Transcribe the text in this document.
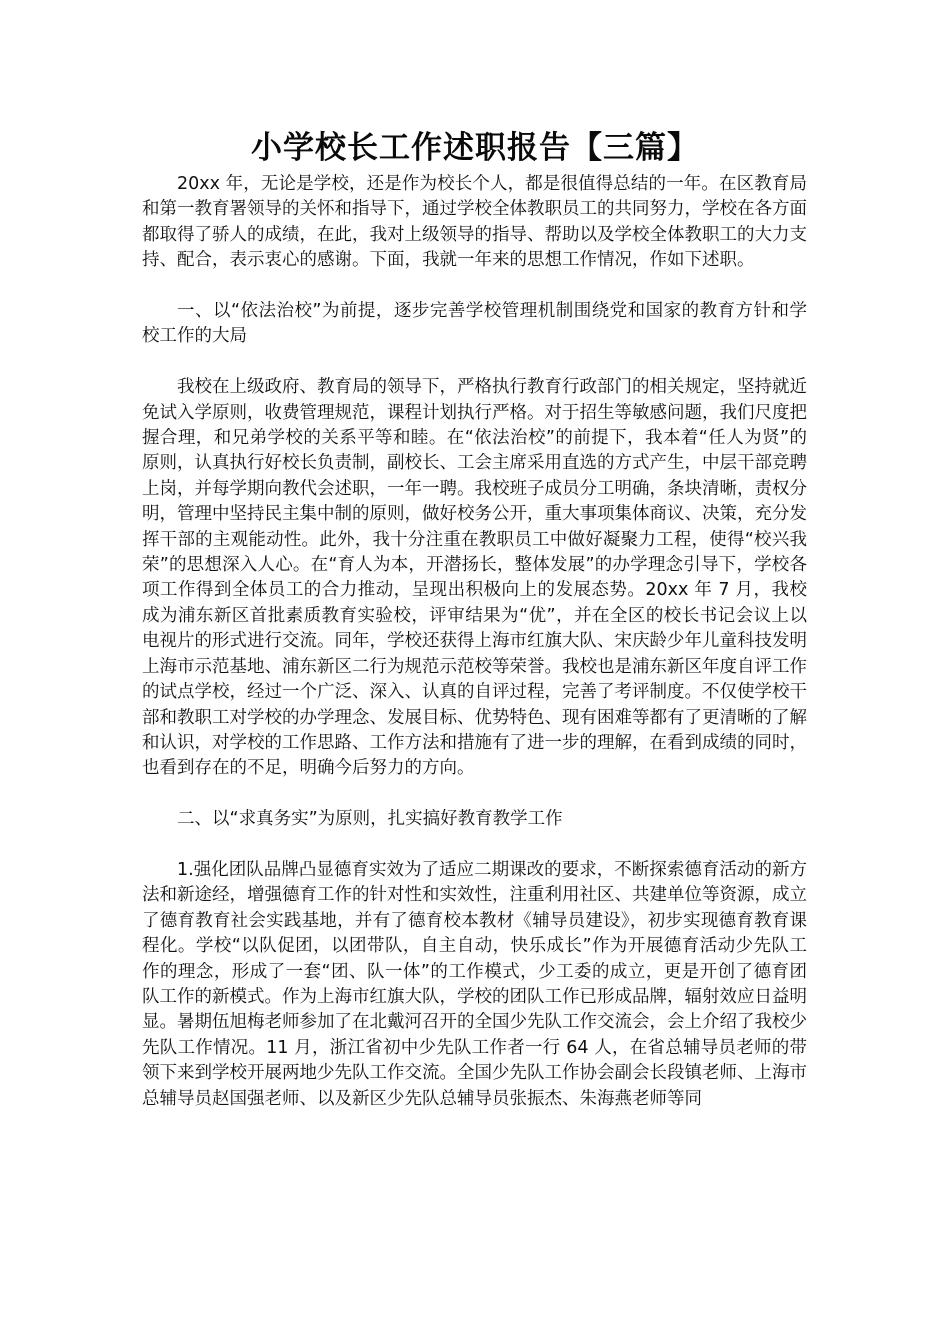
小学校长工作述职报告【三篇】

20xx 年，无论是学校，还是作为校长个人，都是很值得总结的一年。在区教育局和第一教育署领导的关怀和指导下，通过学校全体教职员工的共同努力，学校在各方面都取得了骄人的成绩，在此，我对上级领导的指导、帮助以及学校全体教职工的大力支持、配合，表示衷心的感谢。下面，我就一年来的思想工作情况，作如下述职。

一、以“依法治校”为前提，逐步完善学校管理机制围绕党和国家的教育方针和学校工作的大局

我校在上级政府、教育局的领导下，严格执行教育行政部门的相关规定，坚持就近免试入学原则，收费管理规范，课程计划执行严格。对于招生等敏感问题，我们尺度把握合理，和兄弟学校的关系平等和睦。在“依法治校”的前提下，我本着“任人为贤”的原则，认真执行好校长负责制，副校长、工会主席采用直选的方式产生，中层干部竞聘上岗，并每学期向教代会述职，一年一聘。我校班子成员分工明确，条块清晰，责权分明，管理中坚持民主集中制的原则，做好校务公开，重大事项集体商议、决策，充分发挥干部的主观能动性。此外，我十分注重在教职员工中做好凝聚力工程，使得“校兴我荣”的思想深入人心。在“育人为本，开潜扬长，整体发展”的办学理念引导下，学校各项工作得到全体员工的合力推动，呈现出积极向上的发展态势。20xx 年 7 月，我校成为浦东新区首批素质教育实验校，评审结果为“优”，并在全区的校长书记会议上以电视片的形式进行交流。同年，学校还获得上海市红旗大队、宋庆龄少年儿童科技发明上海市示范基地、浦东新区二行为规范示范校等荣誉。我校也是浦东新区年度自评工作的试点学校，经过一个广泛、深入、认真的自评过程，完善了考评制度。不仅使学校干部和教职工对学校的办学理念、发展目标、优势特色、现有困难等都有了更清晰的了解和认识，对学校的工作思路、工作方法和措施有了进一步的理解，在看到成绩的同时，也看到存在的不足，明确今后努力的方向。

二、以“求真务实”为原则，扎实搞好教育教学工作

1.强化团队品牌凸显德育实效为了适应二期课改的要求，不断探索德育活动的新方法和新途经，增强德育工作的针对性和实效性，注重利用社区、共建单位等资源，成立了德育教育社会实践基地，并有了德育校本教材《辅导员建设》，初步实现德育教育课程化。学校“以队促团，以团带队，自主自动，快乐成长”作为开展德育活动少先队工作的理念，形成了一套“团、队一体”的工作模式，少工委的成立，更是开创了德育团队工作的新模式。作为上海市红旗大队，学校的团队工作已形成品牌，辐射效应日益明显。暑期伍旭梅老师参加了在北戴河召开的全国少先队工作交流会，会上介绍了我校少先队工作情况。11 月，浙江省初中少先队工作者一行 64 人，在省总辅导员老师的带领下来到学校开展两地少先队工作交流。全国少先队工作协会副会长段镇老师、上海市总辅导员赵国强老师、以及新区少先队总辅导员张振杰、朱海燕老师等同
